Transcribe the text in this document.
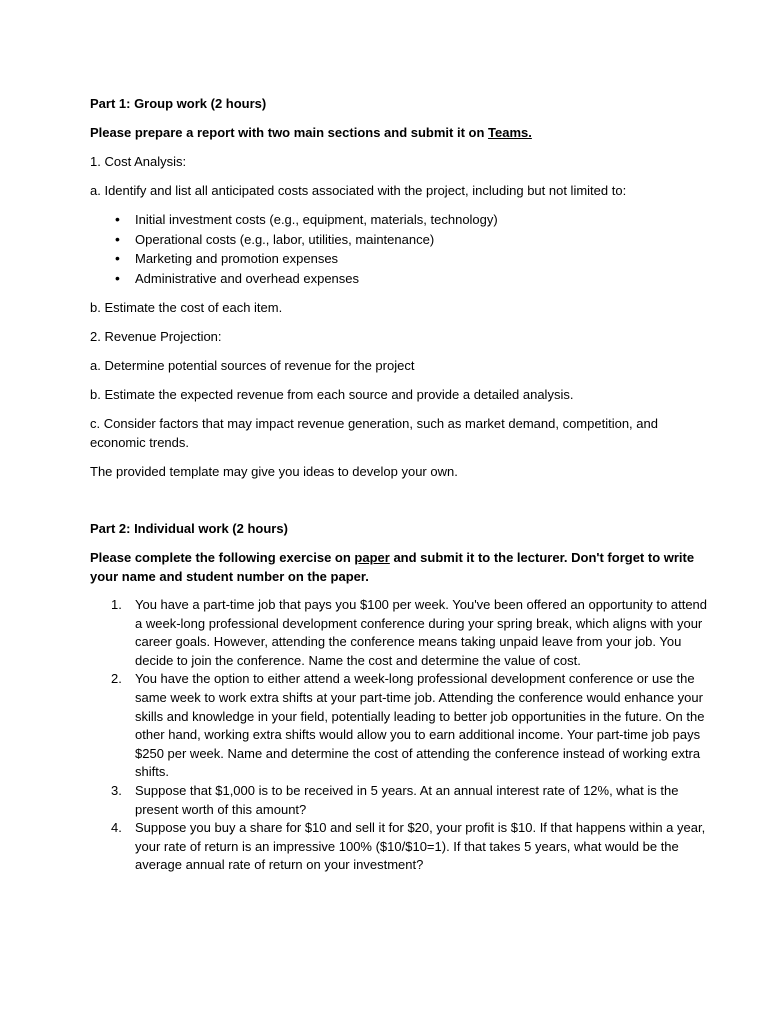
Part 1: Group work (2 hours)

Please prepare a report with two main sections and submit it on Teams.

1. Cost Analysis:

a. Identify and list all anticipated costs associated with the project, including but not limited to:

• Initial investment costs (e.g., equipment, materials, technology)
• Operational costs (e.g., labor, utilities, maintenance)
• Marketing and promotion expenses
• Administrative and overhead expenses

b. Estimate the cost of each item.

2. Revenue Projection:

a. Determine potential sources of revenue for the project

b. Estimate the expected revenue from each source and provide a detailed analysis.

c. Consider factors that may impact revenue generation, such as market demand, competition, and economic trends.

The provided template may give you ideas to develop your own.

Part 2: Individual work (2 hours)

Please complete the following exercise on paper and submit it to the lecturer. Don't forget to write your name and student number on the paper.

1. You have a part-time job that pays you $100 per week. You've been offered an opportunity to attend a week-long professional development conference during your spring break, which aligns with your career goals. However, attending the conference means taking unpaid leave from your job. You decide to join the conference. Name the cost and determine the value of cost.
2. You have the option to either attend a week-long professional development conference or use the same week to work extra shifts at your part-time job. Attending the conference would enhance your skills and knowledge in your field, potentially leading to better job opportunities in the future. On the other hand, working extra shifts would allow you to earn additional income. Your part-time job pays $250 per week. Name and determine the cost of attending the conference instead of working extra shifts.
3. Suppose that $1,000 is to be received in 5 years. At an annual interest rate of 12%, what is the present worth of this amount?
4. Suppose you buy a share for $10 and sell it for $20, your profit is $10. If that happens within a year, your rate of return is an impressive 100% ($10/$10=1). If that takes 5 years, what would be the average annual rate of return on your investment?
